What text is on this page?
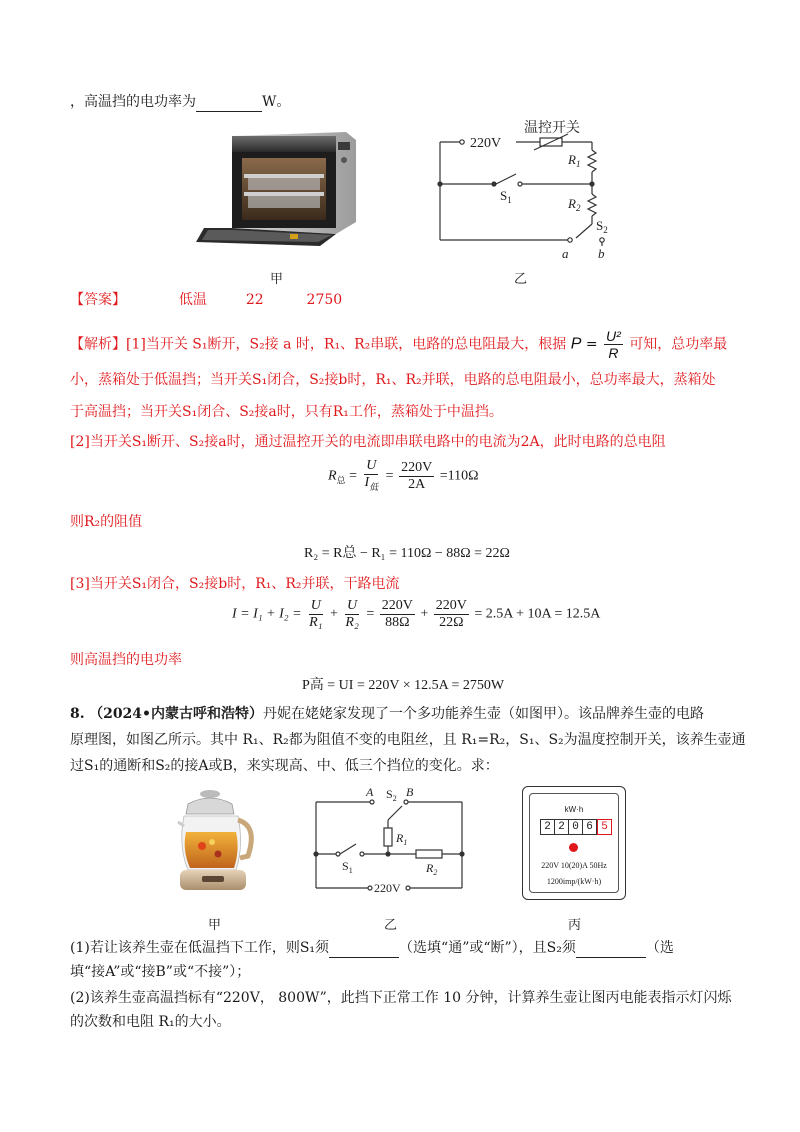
，高温挡的电功率为	W。
220V
温控开关
$R_1$
$R_2$
$S_1$
$S_2$
a b
甲	乙
【答案】	低温	22	2750
【解析】[1]当开关 S₁断开，S₂接 a 时，R₁、R₂串联，电路的总电阻最大，根据 $P = \frac{\text{U²}}{R}$ 可知，总功率最
小，蒸箱处于低温挡；当开关S₁闭合，S₂接b时，R₁、R₂并联，电路的总电阻最小，总功率最大，蒸箱处
于高温挡；当开关S₁闭合、S₂接a时，只有R₁工作，蒸箱处于中温挡。
[2]当开关S₁断开、S₂接a时，通过温控开关的电流即串联电路中的电流为2A，此时电路的总电阻
$R_总 = \frac{U}{I_低} = \frac{220V}{2A} =110\Omega$
则R₂的阻值
R₂ = R总 − R₁ = 110Ω − 88Ω = 22Ω
[3]当开关S₁闭合，S₂接b时，R₁、R₂并联，干路电流
$I = I_1 + I_2 = \frac{U}{\text{R₁}} + \frac{U}{\text{R₂}} = \frac{220V}{88\Omega} + \frac{220V}{22\Omega} = 2.5A + 10A = 12.5A$
则高温挡的电功率
P高 = UI = 220V × 12.5A = 2750W
8. （2024•内蒙古呼和浩特）丹妮在姥姥家发现了一个多功能养生壶（如图甲）。该品牌养生壶的电路
原理图，如图乙所示。其中 R₁、R₂都为阻值不变的电阻丝，且 R₁=R₂，S₁、S₂为温度控制开关，该养生壶通
过S₁的通断和S₂的接A或B，来实现高、中、低三个挡位的变化。求：
A	B
$S_2$
$R_1$
$R_2$
$S_1$
220V
kW·h
2 2 0 6 5
220V 10(20)A 50Hz
1200imp/(kW·h)
甲	乙	丙
(1)若让该养生壶在低温挡下工作，则S₁须	（选填“通”或“断”），且S₂须	（选
填“接A”或“接B”或“不接”）；
(2)该养生壶高温挡标有“220V， 800W”，此挡下正常工作 10 分钟，计算养生壶让图丙电能表指示灯闪烁
的次数和电阻 R₁的大小。
